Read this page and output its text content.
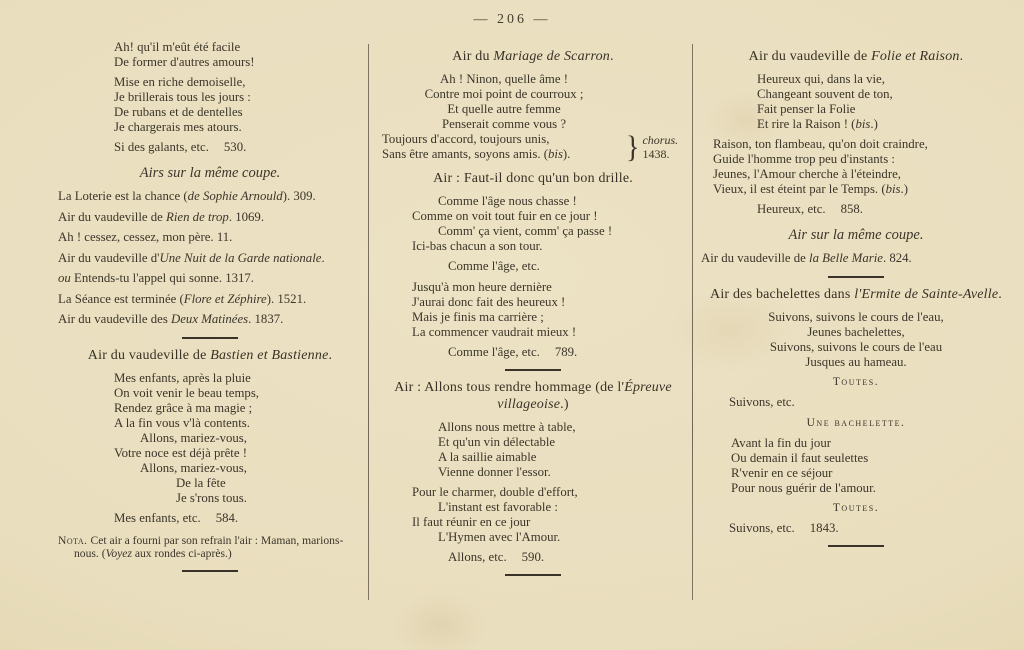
— 206 —
Ah! qu'il m'eût été facile
De former d'autres amours!
Mise en riche demoiselle,
Je brillerais tous les jours :
De rubans et de dentelles
Je chargerais mes atours.
Si des galants, etc. 530.
Airs sur la même coupe.
La Loterie est la chance (de Sophie Arnould). 309.
Air du vaudeville de Rien de trop. 1069.
Ah ! cessez, cessez, mon père. 11.
Air du vaudeville d'Une Nuit de la Garde nationale.
ou Entends-tu l'appel qui sonne. 1317.
La Séance est terminée (Flore et Zéphire). 1521.
Air du vaudeville des Deux Matinées. 1837.
Air du vaudeville de Bastien et Bastienne.
Mes enfants, après la pluie
On voit venir le beau temps,
Rendez grâce à ma magie ;
A la fin vous v'là contents.
Allons, mariez-vous,
Votre noce est déjà prête !
Allons, mariez-vous,
De la fête
Je s'rons tous.
Mes enfants, etc. 584.
Nota. Cet air a fourni par son refrain l'air : Maman, marions-nous. (Voyez aux rondes ci-après.)
Air du Mariage de Scarron.
Ah ! Ninon, quelle âme !
Contre moi point de courroux ;
Et quelle autre femme
Penserait comme vous ?
Toujours d'accord, toujours unis,
Sans être amants, soyons amis. (bis).	} chorus.
1438.
Air : Faut-il donc qu'un bon drille.
Comme l'âge nous chasse !
Comme on voit tout fuir en ce jour !
Comm' ça vient, comm' ça passe !
Ici-bas chacun a son tour.
Comme l'âge, etc.
Jusqu'à mon heure dernière
J'aurai donc fait des heureux !
Mais je finis ma carrière ;
La commencer vaudrait mieux !
Comme l'âge, etc. 789.
Air : Allons tous rendre hommage (de l'Épreuve villageoise.)
Allons nous mettre à table,
Et qu'un vin délectable
A la saillie aimable
Vienne donner l'essor.
Pour le charmer, double d'effort,
L'instant est favorable :
Il faut réunir en ce jour
L'Hymen avec l'Amour.
Allons, etc. 590.
Air du vaudeville de Folie et Raison.
Heureux qui, dans la vie,
Changeant souvent de ton,
Fait penser la Folie
Et rire la Raison ! (bis.)
Raison, ton flambeau, qu'on doit craindre,
Guide l'homme trop peu d'instants :
Jeunes, l'Amour cherche à l'éteindre,
Vieux, il est éteint par le Temps. (bis.)
Heureux, etc. 858.
Air sur la même coupe.
Air du vaudeville de la Belle Marie. 824.
Air des bachelettes dans l'Ermite de Sainte-Avelle.
Suivons, suivons le cours de l'eau,
Jeunes bachelettes,
Suivons, suivons le cours de l'eau
Jusques au hameau.
Toutes.
Suivons, etc.
Une bachelette.
Avant la fin du jour
Ou demain il faut seulettes
R'venir en ce séjour
Pour nous guérir de l'amour.
Toutes.
Suivons, etc. 1843.
